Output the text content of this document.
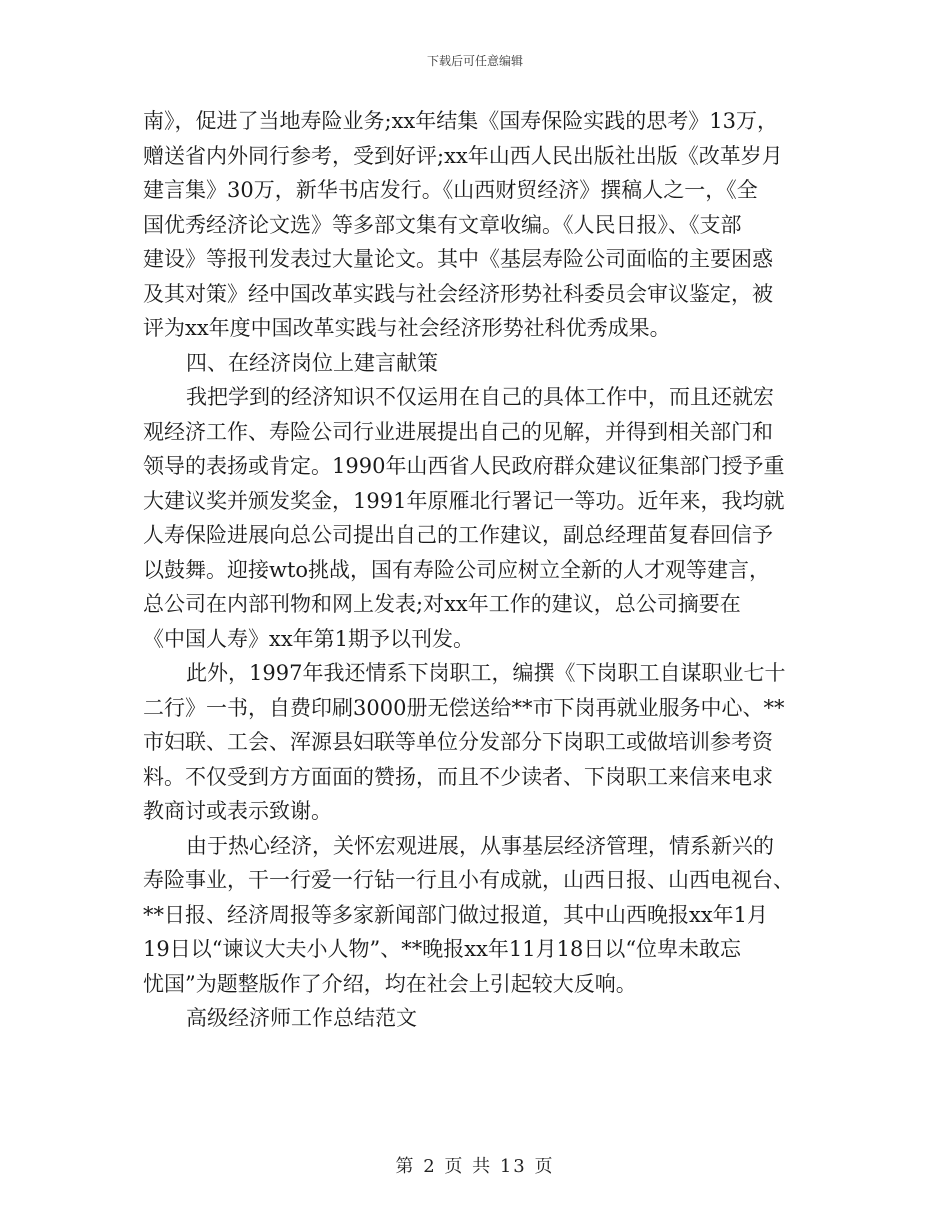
下载后可任意编辑
南》，促进了当地寿险业务;xx年结集《国寿保险实践的思考》13万，
赠送省内外同行参考，受到好评;xx年山西人民出版社出版《改革岁月
建言集》30万，新华书店发行。《山西财贸经济》撰稿人之一，《全
国优秀经济论文选》等多部文集有文章收编。《人民日报》、《支部
建设》等报刊发表过大量论文。其中《基层寿险公司面临的主要困惑
及其对策》经中国改革实践与社会经济形势社科委员会审议鉴定，被
评为xx年度中国改革实践与社会经济形势社科优秀成果。
四、在经济岗位上建言献策
我把学到的经济知识不仅运用在自己的具体工作中，而且还就宏
观经济工作、寿险公司行业进展提出自己的见解，并得到相关部门和
领导的表扬或肯定。1990年山西省人民政府群众建议征集部门授予重
大建议奖并颁发奖金，1991年原雁北行署记一等功。近年来，我均就
人寿保险进展向总公司提出自己的工作建议，副总经理苗复春回信予
以鼓舞。迎接wto挑战，国有寿险公司应树立全新的人才观等建言，
总公司在内部刊物和网上发表;对xx年工作的建议，总公司摘要在
《中国人寿》xx年第1期予以刊发。
此外，1997年我还情系下岗职工，编撰《下岗职工自谋职业七十
二行》一书，自费印刷3000册无偿送给**市下岗再就业服务中心、**
市妇联、工会、浑源县妇联等单位分发部分下岗职工或做培训参考资
料。不仅受到方方面面的赞扬，而且不少读者、下岗职工来信来电求
教商讨或表示致谢。
由于热心经济，关怀宏观进展，从事基层经济管理，情系新兴的
寿险事业，干一行爱一行钻一行且小有成就，山西日报、山西电视台、
**日报、经济周报等多家新闻部门做过报道，其中山西晚报xx年1月
19日以“谏议大夫小人物”、**晚报xx年11月18日以“位卑未敢忘
忧国”为题整版作了介绍，均在社会上引起较大反响。
高级经济师工作总结范文
第 2 页 共 13 页
